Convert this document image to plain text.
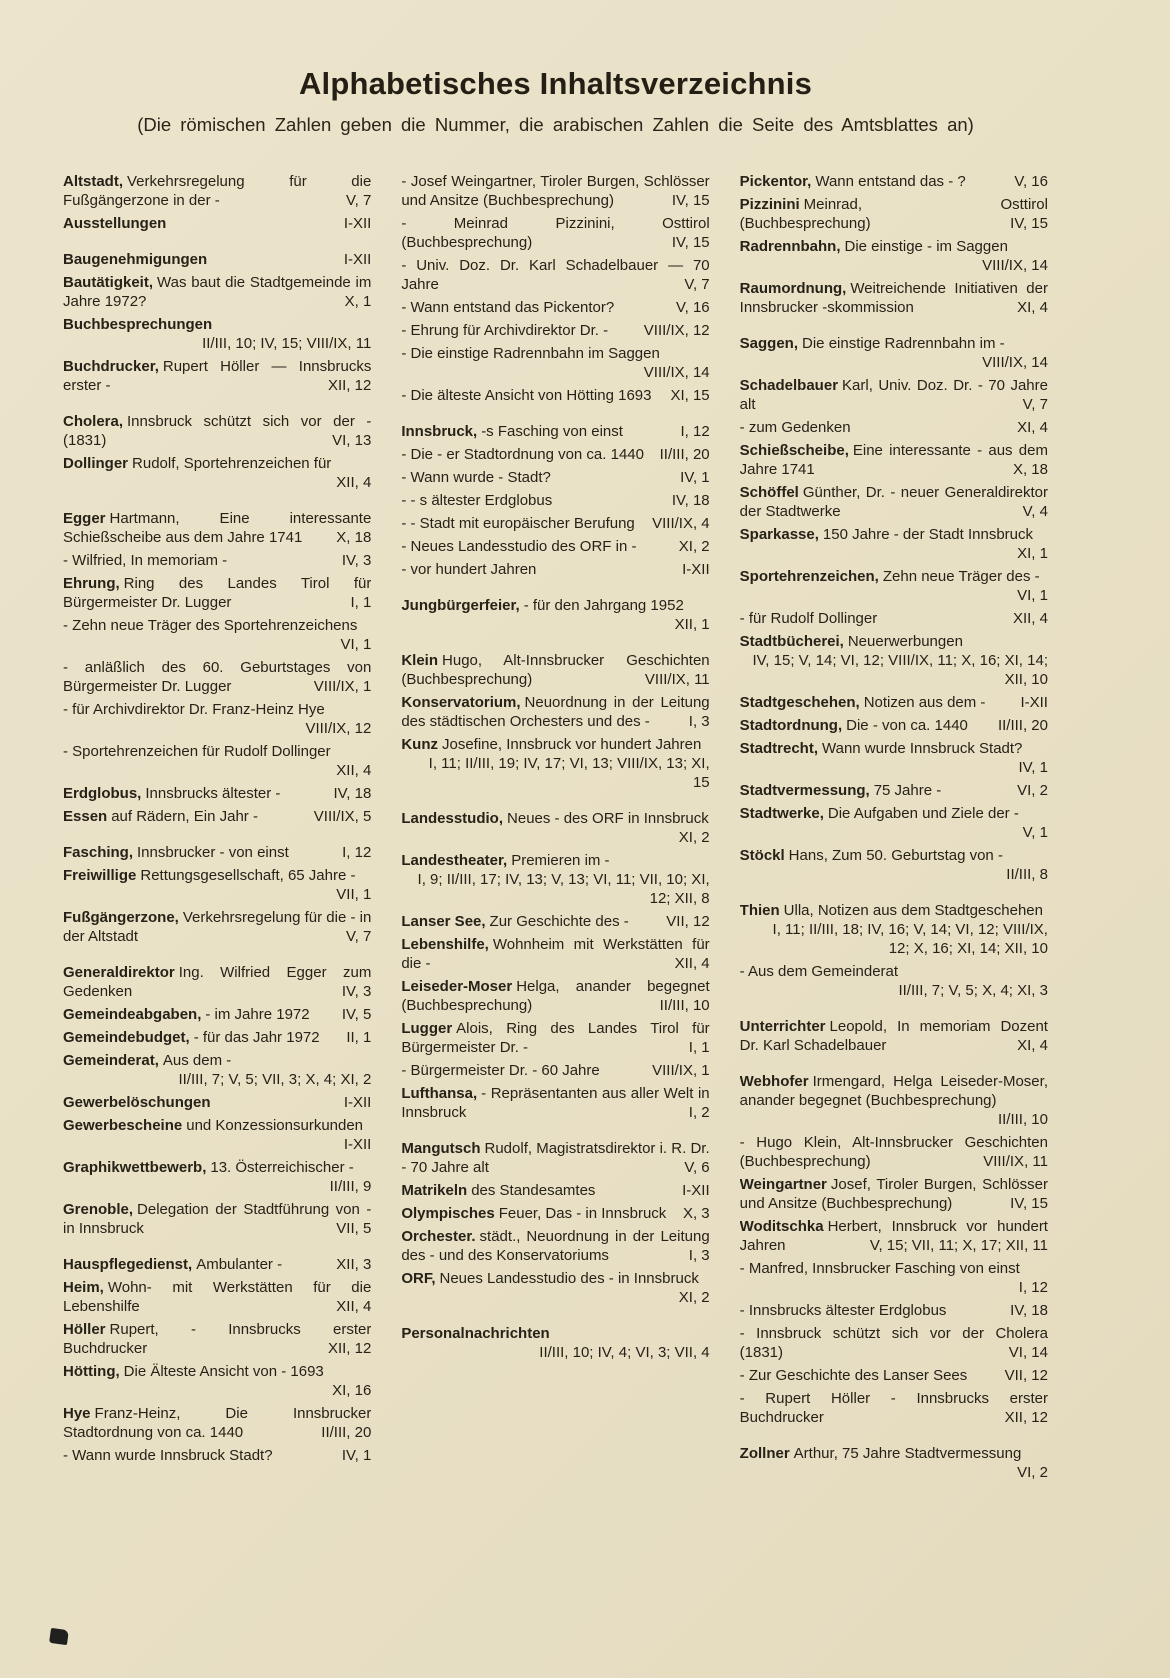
Alphabetisches Inhaltsverzeichnis

(Die römischen Zahlen geben die Nummer, die arabischen Zahlen die Seite des Amtsblattes an)

Altstadt, Verkehrsregelung für die Fußgängerzone in der -	V, 7

Ausstellungen	I-XII

Baugenehmigungen	I-XII

Bautätigkeit, Was baut die Stadtgemeinde im Jahre 1972?	X, 1

Buchbesprechungen
II/III, 10; IV, 15; VIII/IX, 11

Buchdrucker, Rupert Höller — Innsbrucks erster -	XII, 12

Cholera, Innsbruck schützt sich vor der - (1831)	VI, 13

Dollinger Rudolf, Sportehrenzeichen für
XII, 4

Egger Hartmann, Eine interessante Schießscheibe aus dem Jahre 1741	X, 18

- Wilfried, In memoriam -	IV, 3

Ehrung, Ring des Landes Tirol für Bürgermeister Dr. Lugger	I, 1

- Zehn neue Träger des Sportehrenzeichens
VI, 1

- anläßlich des 60. Geburtstages von Bürgermeister Dr. Lugger	VIII/IX, 1

- für Archivdirektor Dr. Franz-Heinz Hye
VIII/IX, 12

- Sportehrenzeichen für Rudolf Dollinger
XII, 4

Erdglobus, Innsbrucks ältester -	IV, 18

Essen auf Rädern, Ein Jahr -	VIII/IX, 5

Fasching, Innsbrucker - von einst	I, 12

Freiwillige Rettungsgesellschaft, 65 Jahre -
VII, 1

Fußgängerzone, Verkehrsregelung für die - in der Altstadt	V, 7

Generaldirektor Ing. Wilfried Egger zum Gedenken	IV, 3

Gemeindeabgaben, - im Jahre 1972	IV, 5

Gemeindebudget, - für das Jahr 1972	II, 1

Gemeinderat, Aus dem -
II/III, 7; V, 5; VII, 3; X, 4; XI, 2

Gewerbelöschungen	I-XII

Gewerbescheine und Konzessionsurkunden
I-XII

Graphikwettbewerb, 13. Österreichischer -
II/III, 9

Grenoble, Delegation der Stadtführung von - in Innsbruck	VII, 5

Hauspflegedienst, Ambulanter -	XII, 3

Heim, Wohn- mit Werkstätten für die Lebenshilfe	XII, 4

Höller Rupert, - Innsbrucks erster Buchdrucker	XII, 12

Hötting, Die Älteste Ansicht von - 1693
XI, 16

Hye Franz-Heinz, Die Innsbrucker Stadtordnung von ca. 1440	II/III, 20

- Wann wurde Innsbruck Stadt?	IV, 1

- Josef Weingartner, Tiroler Burgen, Schlösser und Ansitze (Buchbesprechung)	IV, 15

- Meinrad Pizzinini, Osttirol (Buchbesprechung)	IV, 15

- Univ. Doz. Dr. Karl Schadelbauer — 70 Jahre	V, 7

- Wann entstand das Pickentor?	V, 16

- Ehrung für Archivdirektor Dr. -	VIII/IX, 12

- Die einstige Radrennbahn im Saggen
VIII/IX, 14

- Die älteste Ansicht von Hötting 1693	XI, 15

Innsbruck, -s Fasching von einst	I, 12

- Die - er Stadtordnung von ca. 1440	II/III, 20

- Wann wurde - Stadt?	IV, 1

- - s ältester Erdglobus	IV, 18

- - Stadt mit europäischer Berufung	VIII/IX, 4

- Neues Landesstudio des ORF in -	XI, 2

- vor hundert Jahren	I-XII

Jungbürgerfeier, - für den Jahrgang 1952
XII, 1

Klein Hugo, Alt-Innsbrucker Geschichten (Buchbesprechung)	VIII/IX, 11

Konservatorium, Neuordnung in der Leitung des städtischen Orchesters und des -	I, 3

Kunz Josefine, Innsbruck vor hundert Jahren
I, 11; II/III, 19; IV, 17; VI, 13; VIII/IX, 13; XI, 15

Landesstudio, Neues - des ORF in Innsbruck
XI, 2

Landestheater, Premieren im -
I, 9; II/III, 17; IV, 13; V, 13; VI, 11; VII, 10; XI, 12; XII, 8

Lanser See, Zur Geschichte des -	VII, 12

Lebenshilfe, Wohnheim mit Werkstätten für die -	XII, 4

Leiseder-Moser Helga, anander begegnet (Buchbesprechung)	II/III, 10

Lugger Alois, Ring des Landes Tirol für Bürgermeister Dr. -	I, 1

- Bürgermeister Dr. - 60 Jahre	VIII/IX, 1

Lufthansa, - Repräsentanten aus aller Welt in Innsbruck	I, 2

Mangutsch Rudolf, Magistratsdirektor i. R. Dr. - 70 Jahre alt	V, 6

Matrikeln des Standesamtes	I-XII

Olympisches Feuer, Das - in Innsbruck	X, 3

Orchester. städt., Neuordnung in der Leitung des - und des Konservatoriums	I, 3

ORF, Neues Landesstudio des - in Innsbruck
XI, 2

Personalnachrichten
II/III, 10; IV, 4; VI, 3; VII, 4

Pickentor, Wann entstand das - ?	V, 16

Pizzinini Meinrad, Osttirol (Buchbesprechung)	IV, 15

Radrennbahn, Die einstige - im Saggen
VIII/IX, 14

Raumordnung, Weitreichende Initiativen der Innsbrucker -skommission	XI, 4

Saggen, Die einstige Radrennbahn im -
VIII/IX, 14

Schadelbauer Karl, Univ. Doz. Dr. - 70 Jahre alt	V, 7

- zum Gedenken	XI, 4

Schießscheibe, Eine interessante - aus dem Jahre 1741	X, 18

Schöffel Günther, Dr. - neuer Generaldirektor der Stadtwerke	V, 4

Sparkasse, 150 Jahre - der Stadt Innsbruck
XI, 1

Sportehrenzeichen, Zehn neue Träger des -
VI, 1

- für Rudolf Dollinger	XII, 4

Stadtbücherei, Neuerwerbungen
IV, 15; V, 14; VI, 12; VIII/IX, 11; X, 16; XI, 14; XII, 10

Stadtgeschehen, Notizen aus dem -	I-XII

Stadtordnung, Die - von ca. 1440	II/III, 20

Stadtrecht, Wann wurde Innsbruck Stadt?
IV, 1

Stadtvermessung, 75 Jahre -	VI, 2

Stadtwerke, Die Aufgaben und Ziele der -
V, 1

Stöckl Hans, Zum 50. Geburtstag von -
II/III, 8

Thien Ulla, Notizen aus dem Stadtgeschehen
I, 11; II/III, 18; IV, 16; V, 14; VI, 12; VIII/IX, 12; X, 16; XI, 14; XII, 10

- Aus dem Gemeinderat
II/III, 7; V, 5; X, 4; XI, 3

Unterrichter Leopold, In memoriam Dozent Dr. Karl Schadelbauer	XI, 4

Webhofer Irmengard, Helga Leiseder-Moser, anander begegnet (Buchbesprechung)
II/III, 10

- Hugo Klein, Alt-Innsbrucker Geschichten (Buchbesprechung)	VIII/IX, 11

Weingartner Josef, Tiroler Burgen, Schlösser und Ansitze (Buchbesprechung)	IV, 15

Woditschka Herbert, Innsbruck vor hundert Jahren	V, 15; VII, 11; X, 17; XII, 11

- Manfred, Innsbrucker Fasching von einst
I, 12

- Innsbrucks ältester Erdglobus	IV, 18

- Innsbruck schützt sich vor der Cholera (1831)	VI, 14

- Zur Geschichte des Lanser Sees	VII, 12

- Rupert Höller - Innsbrucks erster Buchdrucker	XII, 12

Zollner Arthur, 75 Jahre Stadtvermessung
VI, 2
